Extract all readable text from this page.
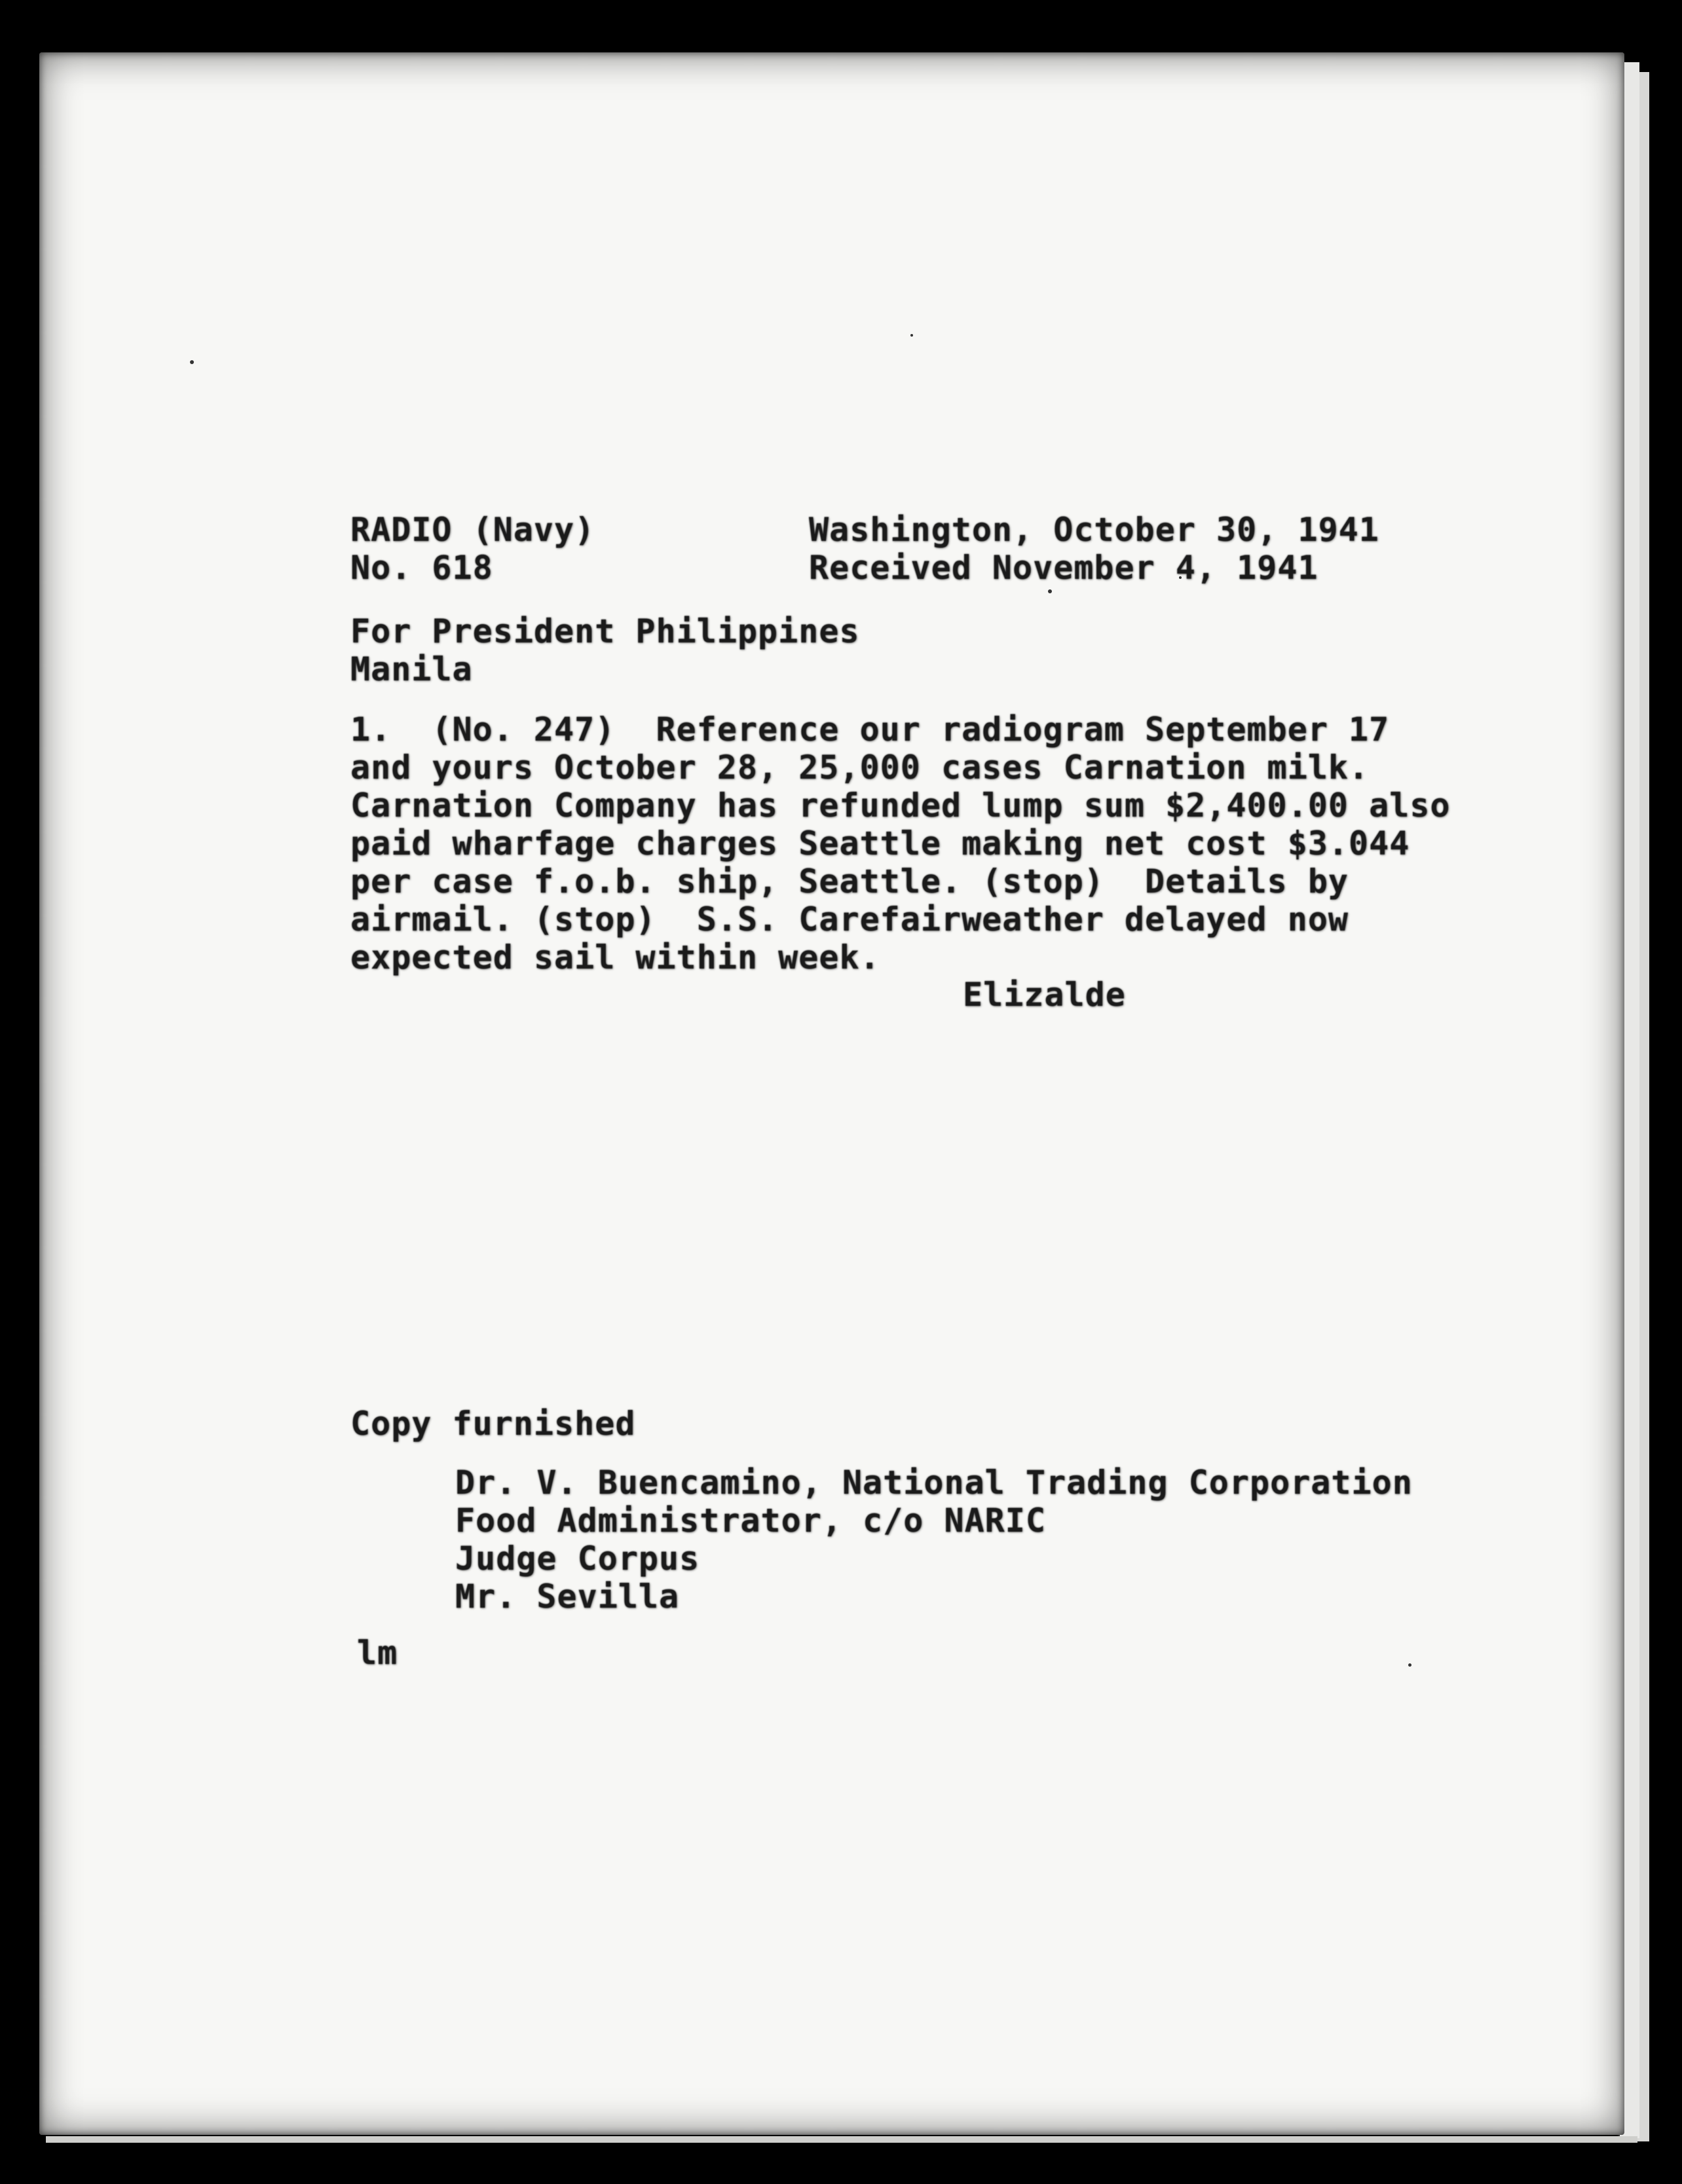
RADIO (Navy)
No. 618
Washington, October 30, 1941
Received November 4, 1941
For President Philippines
Manila
1.  (No. 247)  Reference our radiogram September 17
and yours October 28, 25,000 cases Carnation milk.
Carnation Company has refunded lump sum $2,400.00 also
paid wharfage charges Seattle making net cost $3.044
per case f.o.b. ship, Seattle. (stop)  Details by
airmail. (stop)  S.S. Carefairweather delayed now
expected sail within week.
Elizalde
Copy furnished
Dr. V. Buencamino, National Trading Corporation
Food Administrator, c/o NARIC
Judge Corpus
Mr. Sevilla
lm
